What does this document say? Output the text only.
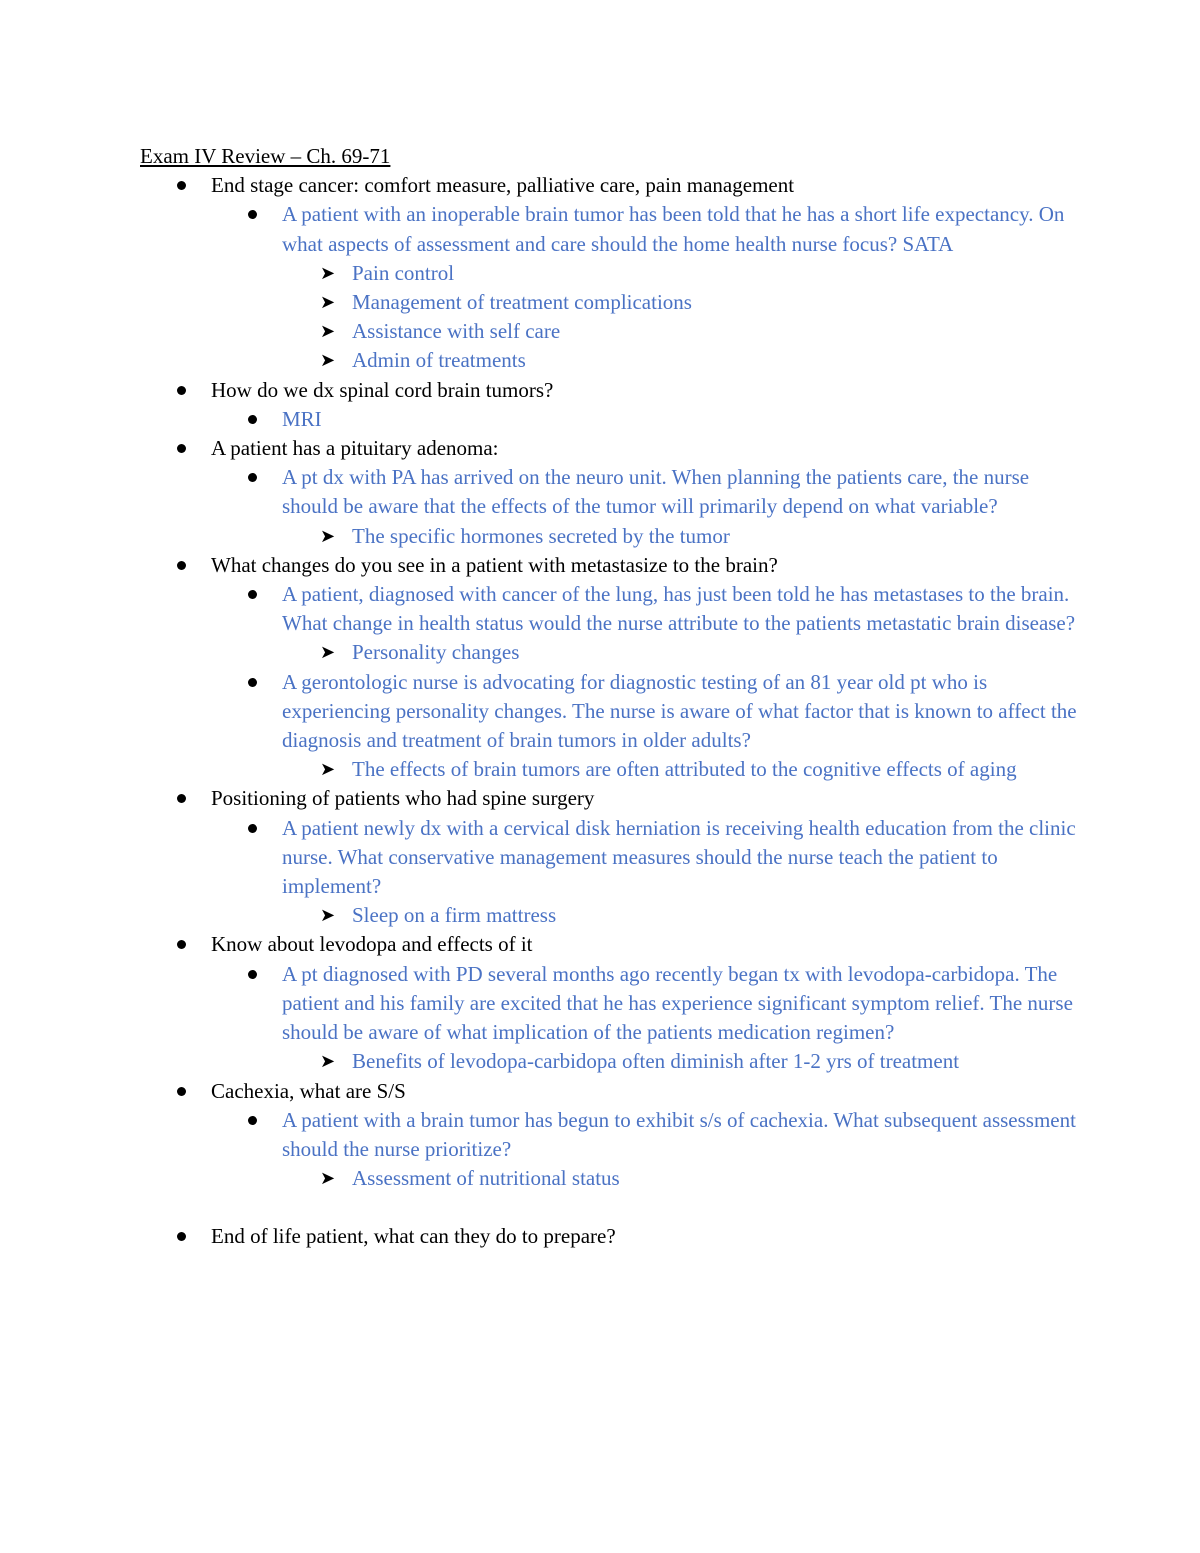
Exam IV Review – Ch. 69-71

End stage cancer: comfort measure, palliative care, pain management
A patient with an inoperable brain tumor has been told that he has a short life expectancy. On what aspects of assessment and care should the home health nurse focus? SATA
➤ Pain control
➤ Management of treatment complications
➤ Assistance with self care
➤ Admin of treatments
How do we dx spinal cord brain tumors?
MRI
A patient has a pituitary adenoma:
A pt dx with PA has arrived on the neuro unit. When planning the patients care, the nurse should be aware that the effects of the tumor will primarily depend on what variable?
➤ The specific hormones secreted by the tumor
What changes do you see in a patient with metastasize to the brain?
A patient, diagnosed with cancer of the lung, has just been told he has metastases to the brain. What change in health status would the nurse attribute to the patients metastatic brain disease?
➤ Personality changes
A gerontologic nurse is advocating for diagnostic testing of an 81 year old pt who is experiencing personality changes. The nurse is aware of what factor that is known to affect the diagnosis and treatment of brain tumors in older adults?
➤ The effects of brain tumors are often attributed to the cognitive effects of aging
Positioning of patients who had spine surgery
A patient newly dx with a cervical disk herniation is receiving health education from the clinic nurse. What conservative management measures should the nurse teach the patient to implement?
➤ Sleep on a firm mattress
Know about levodopa and effects of it
A pt diagnosed with PD several months ago recently began tx with levodopa-carbidopa. The patient and his family are excited that he has experience significant symptom relief. The nurse should be aware of what implication of the patients medication regimen?
➤ Benefits of levodopa-carbidopa often diminish after 1-2 yrs of treatment
Cachexia, what are S/S
A patient with a brain tumor has begun to exhibit s/s of cachexia. What subsequent assessment should the nurse prioritize?
➤ Assessment of nutritional status
End of life patient, what can they do to prepare?
